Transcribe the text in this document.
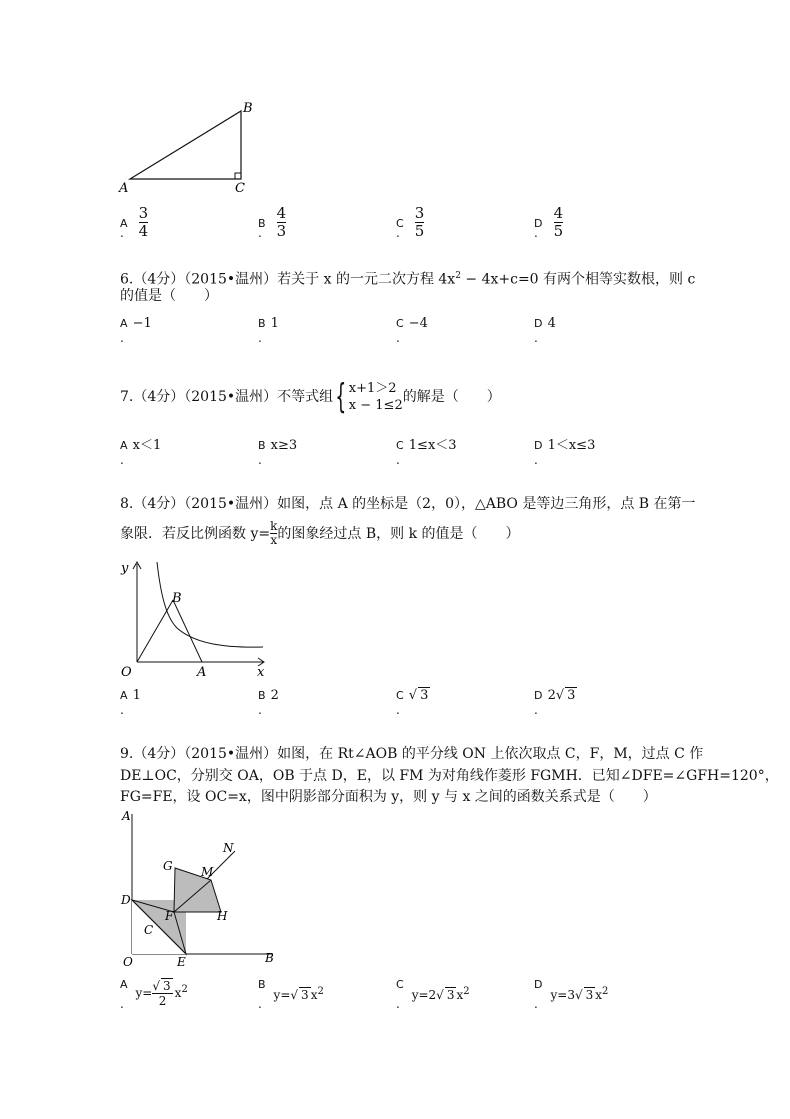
B
A	C
A $\frac{3}{4}$
.
B $\frac{4}{3}$
.
C $\frac{3}{5}$
.
D $\frac{4}{5}$
.
6.（4分）（2015•温州）若关于 x 的一元二次方程 $4x^2 - 4x+c=0$ 有两个相等实数根，则 c
的值是（　　）
A −1
.
B 1
.
C −4
.
D 4
.
7.（4分）（2015•温州）不等式组 { x+1＞2
x − 1≤2
的解是（　　）
A x＜1
.
B x≥3
.
C 1≤x＜3
.
D 1＜x≤3
.
8.（4分）（2015•温州）如图，点 A 的坐标是（2，0），△ABO 是等边三角形，点 B 在第一
象限．若反比例函数 $y= \frac{k}{x}$ 的图象经过点 B，则 k 的值是（　　）
y
x
O	A
B
A 1
.
B 2
.
C √ 3
.
D 2√ 3
.
9.（4分）（2015•温州）如图，在 Rt∠AOB 的平分线 ON 上依次取点 C，F，M，过点 C 作
DE⊥OC，分别交 OA，OB 于点 D，E，以 FM 为对角线作菱形 FGMH．已知∠DFE=∠GFH=120°，
FG=FE，设 OC=x，图中阴影部分面积为 y，则 y 与 x 之间的函数关系式是（　　）
A
N
G M
D
F	H
C
O	E	B
A
.
$y= \frac{√ 3}{2} x^2$	B
.
y=√ 3 $x^2$
C
.
y=2√ 3 $x^2$
D
.
y=3√ 3 $x^2$
